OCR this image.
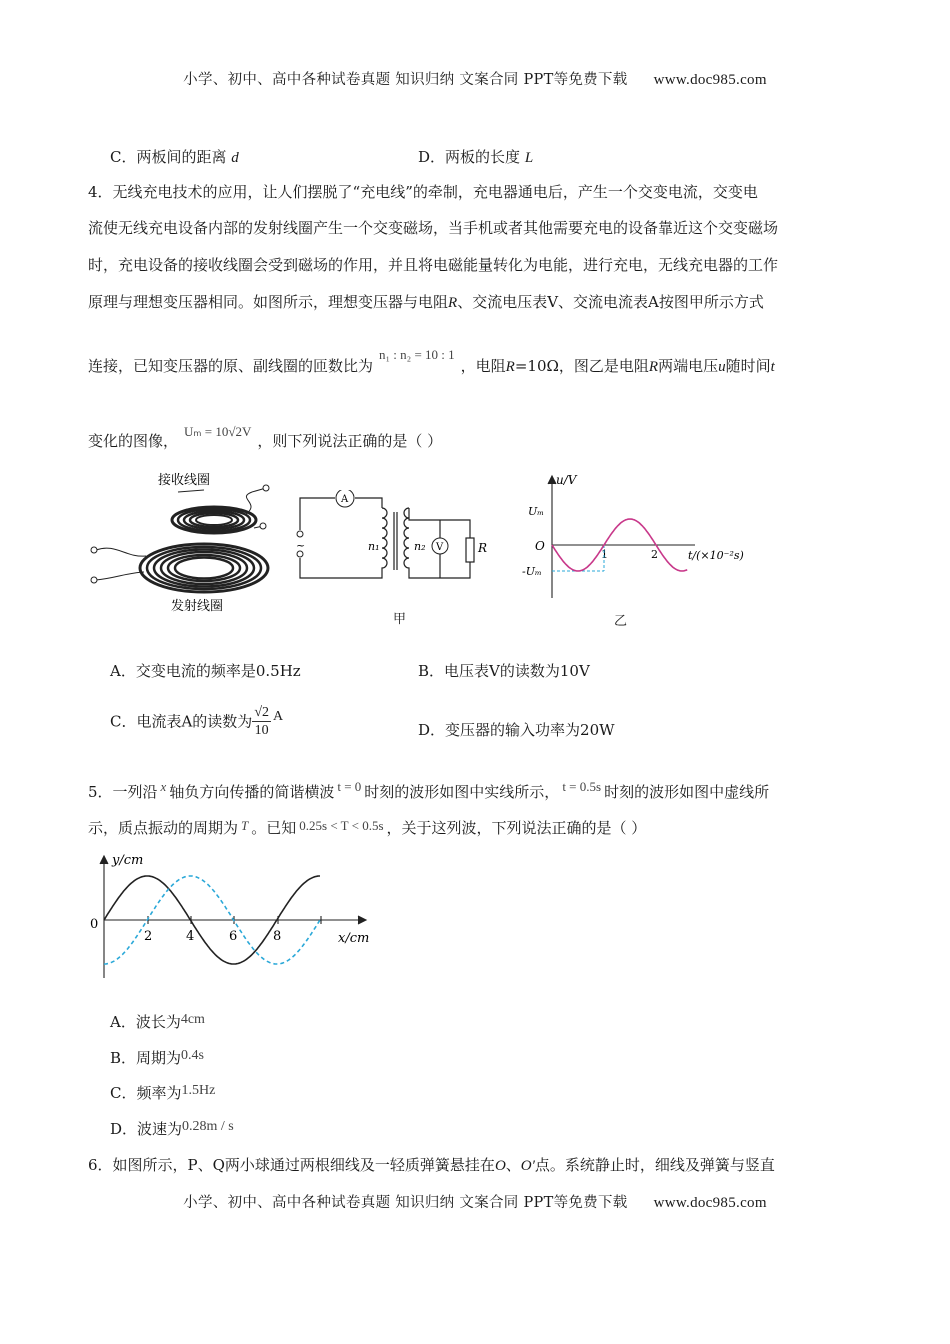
小学、初中、高中各种试卷真题 知识归纳 文案合同 PPT等免费下载 www.doc985.com
C．两板间的距离 d	D．两板的长度 L
4．无线充电技术的应用，让人们摆脱了“充电线”的牵制，充电器通电后，产生一个交变电流，交变电
流使无线充电设备内部的发射线圈产生一个交变磁场，当手机或者其他需要充电的设备靠近这个交变磁场
时，充电设备的接收线圈会受到磁场的作用，并且将电磁能量转化为电能，进行充电，无线充电器的工作
原理与理想变压器相同。如图所示，理想变压器与电阻R、交流电压表V、交流电流表A按图甲所示方式
连接，已知变压器的原、副线圈的匝数比为n₁ : n₂ = 10 : 1，电阻R=10Ω，图乙是电阻R两端电压u随时间t
变化的图像，Uₘ = 10√2V，则下列说法正确的是（ ）
接收线圈
发射线圈
~
A
V
n₁	n₂	R
甲
u/V
t/(×10⁻²s)
O
Uₘ
-Uₘ
1	2
乙
A．交变电流的频率是0.5Hz	B．电压表V的读数为10V
C．电流表A的读数为 $\frac{√2}{10}$ A
D．变压器的输入功率为20W
5．一列沿 x 轴负方向传播的简谐横波 t = 0 时刻的波形如图中实线所示， t = 0.5s 时刻的波形如图中虚线所
示，质点振动的周期为 T 。已知 0.25s < T < 0.5s ，关于这列波，下列说法正确的是（ ）
y/cm
x/cm
0
2	4	6	8
A．波长为4cm
B．周期为0.4s
C．频率为1.5Hz
D．波速为0.28m / s
6．如图所示，P、Q两小球通过两根细线及一轻质弹簧悬挂在O、O′点。系统静止时，细线及弹簧与竖直
小学、初中、高中各种试卷真题 知识归纳 文案合同 PPT等免费下载 www.doc985.com
